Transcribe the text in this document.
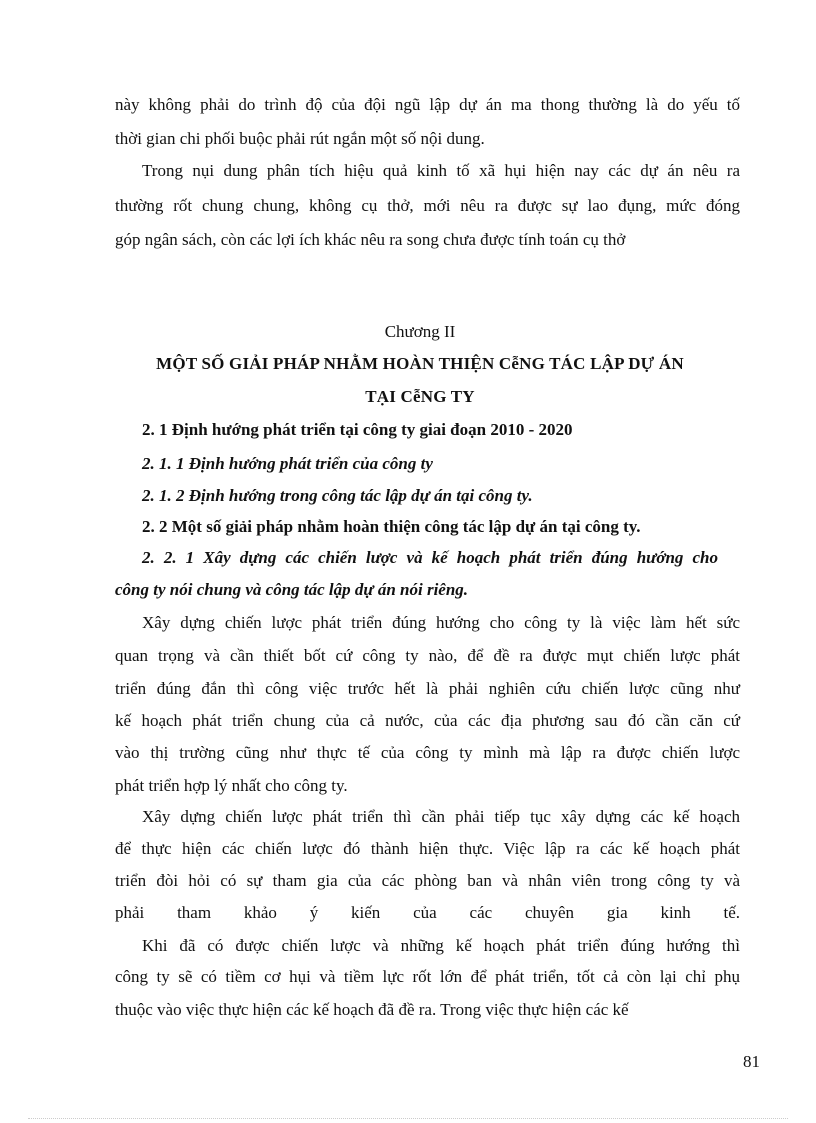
này không phải do trình độ của đội ngũ lập dự án ma thong thường là do yếu tố
thời gian chi phối buộc phải rút ngắn một số nội dung.
Trong nụi dung phân tích hiệu quả kinh tố xã hụi hiện nay các dự án nêu ra
thường rốt chung chung, không cụ thở, mới nêu ra được sự lao đụng, mức đóng
góp ngân sách, còn các lợi ích khác nêu ra song chưa được tính toán cụ thở
Chương II
MỘT SỐ GIẢI PHÁP NHẰM HOÀN THIỆN CễNG TÁC LẬP DỰ ÁN
TẠI CễNG TY
2. 1 Định hướng phát triển tại công ty giai đoạn 2010 - 2020
2. 1. 1 Định hướng phát triển của công ty
2. 1. 2 Định hướng trong công tác lập dự án tại công ty.
2. 2 Một số giải pháp nhằm hoàn thiện công tác lập dự án tại công ty.
2. 2. 1 Xây dựng các chiến lược và kế hoạch phát triển đúng hướng cho
công ty nói chung và công tác lập dự án nói riêng.
Xây dựng chiến lược phát triển đúng hướng cho công ty là việc làm hết sức
quan trọng và cần thiết bốt cứ công ty nào, để đề ra được mụt chiến lược phát
triển đúng đắn thì công việc trước hết là phải nghiên cứu chiến lược cũng như
kế hoạch phát triển chung của cả nước, của các địa phương sau đó cần căn cứ
vào thị trường cũng như thực tế của công ty mình mà lập ra được chiến lược
phát triển hợp lý nhất cho công ty.
Xây dựng chiến lược phát triển thì cần phải tiếp tục xây dựng các kế hoạch
để thực hiện các chiến lược đó thành hiện thực. Việc lập ra các kế hoạch phát
triển đòi hỏi có sự tham gia của các phòng ban và nhân viên trong công ty và
phải tham khảo ý kiến của các chuyên gia kinh tế.
Khi đã có được chiến lược và những kế hoạch phát triển đúng hướng thì
công ty sẽ có tiềm cơ hụi và tiềm lực rốt lớn để phát triển, tốt cả còn lại chỉ phụ
thuộc vào việc thực hiện các kế hoạch đã đề ra. Trong việc thực hiện các kế
81
